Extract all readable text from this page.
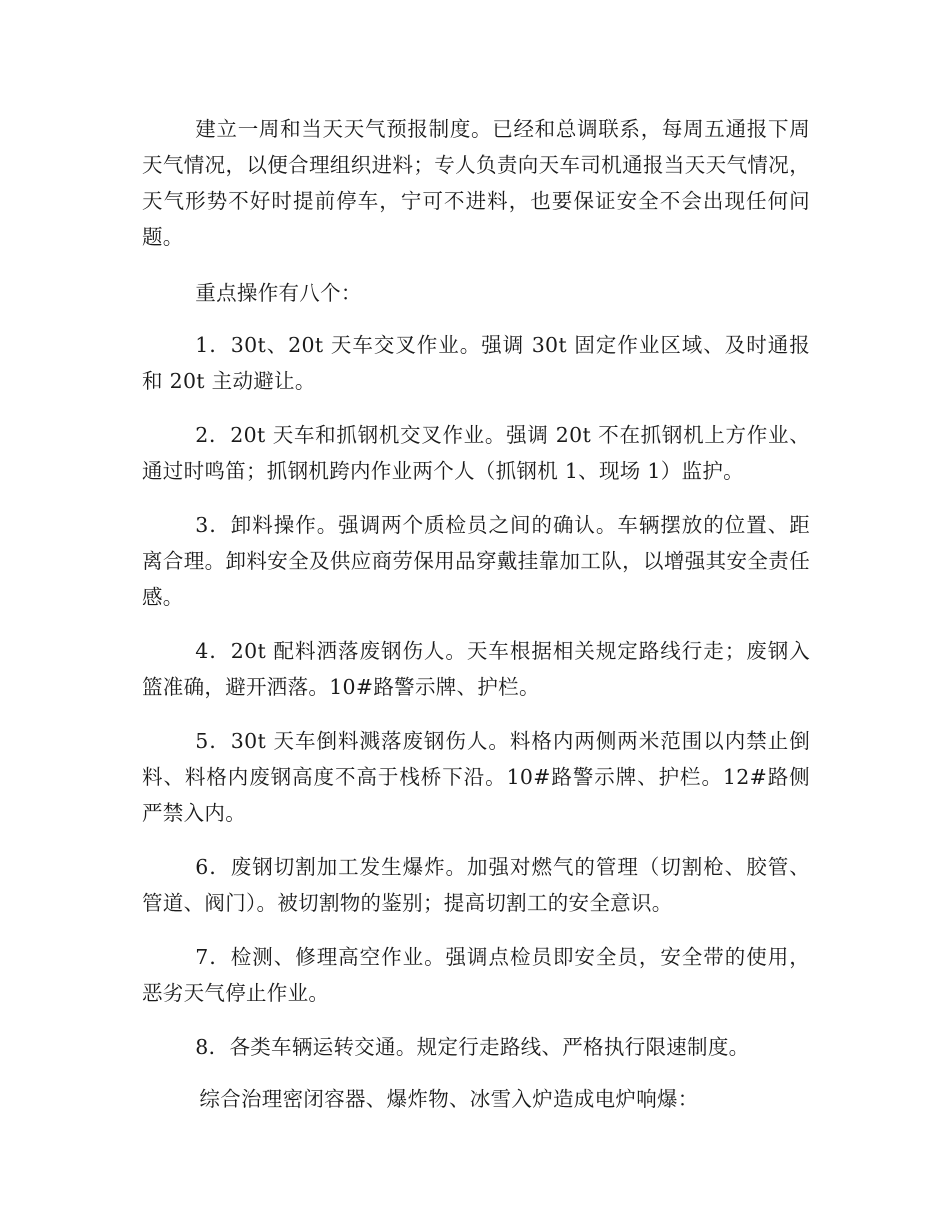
建立一周和当天天气预报制度。已经和总调联系，每周五通报下周天气情况，以便合理组织进料；专人负责向天车司机通报当天天气情况，天气形势不好时提前停车，宁可不进料，也要保证安全不会出现任何问题。

重点操作有八个：

1．30t、20t 天车交叉作业。强调 30t 固定作业区域、及时通报和 20t 主动避让。

2．20t 天车和抓钢机交叉作业。强调 20t 不在抓钢机上方作业、通过时鸣笛；抓钢机跨内作业两个人（抓钢机 1、现场 1）监护。

3．卸料操作。强调两个质检员之间的确认。车辆摆放的位置、距离合理。卸料安全及供应商劳保用品穿戴挂靠加工队，以增强其安全责任感。

4．20t 配料洒落废钢伤人。天车根据相关规定路线行走；废钢入篮准确，避开洒落。10#路警示牌、护栏。

5．30t 天车倒料溅落废钢伤人。料格内两侧两米范围以内禁止倒料、料格内废钢高度不高于栈桥下沿。10#路警示牌、护栏。12#路侧严禁入内。

6．废钢切割加工发生爆炸。加强对燃气的管理（切割枪、胶管、管道、阀门）。被切割物的鉴别；提高切割工的安全意识。

7．检测、修理高空作业。强调点检员即安全员，安全带的使用，恶劣天气停止作业。

8．各类车辆运转交通。规定行走路线、严格执行限速制度。

综合治理密闭容器、爆炸物、冰雪入炉造成电炉响爆：
